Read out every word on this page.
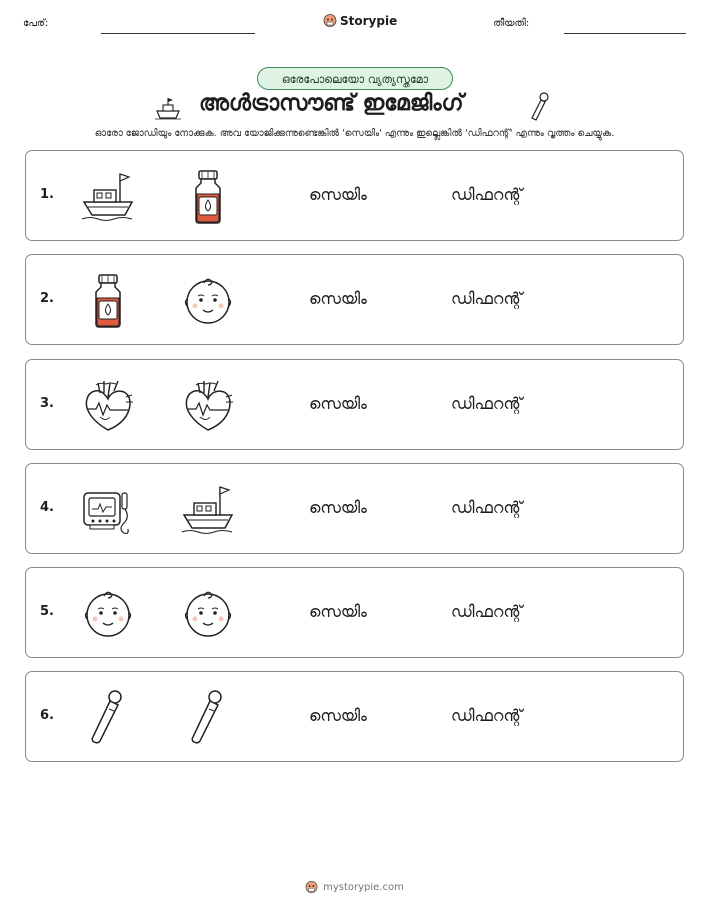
പേര്:	Storypie	തീയതി:
ഒരേപോലെയോ വ്യത്യസ്തമോ
അൾട്രാസൗണ്ട് ഇമേജിംഗ്
ഓരോ ജോഡിയും നോക്കുക. അവ യോജിക്കുന്നുണ്ടെങ്കിൽ 'സെയിം' എന്നും ഇല്ലെങ്കിൽ 'ഡിഫറന്റ്' എന്നും വൃത്തം ചെയ്യുക.
1.	സെയിം	ഡിഫറന്റ്
2.	സെയിം	ഡിഫറന്റ്
3.	സെയിം	ഡിഫറന്റ്
4.	സെയിം	ഡിഫറന്റ്
5.	സെയിം	ഡിഫറന്റ്
6.	സെയിം	ഡിഫറന്റ്
mystorypie.com
